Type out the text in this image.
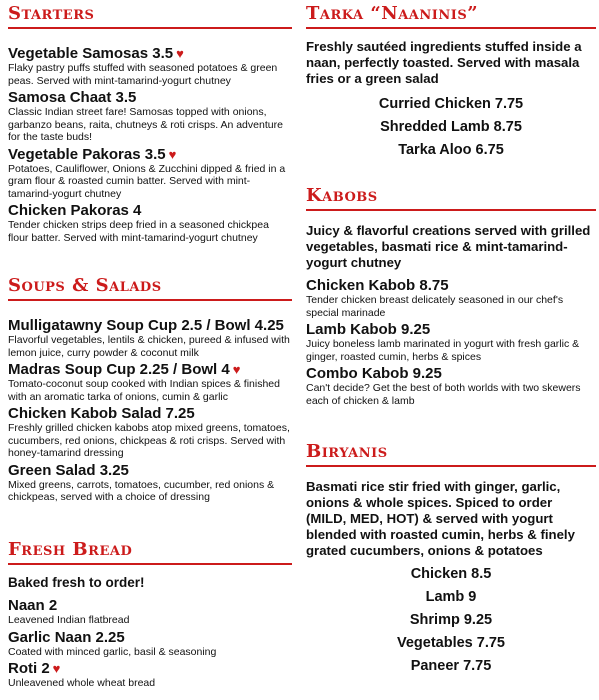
Starters
Vegetable Samosas 3.5 ♥
Flaky pastry puffs stuffed with seasoned potatoes & green peas. Served with mint-tamarind-yogurt chutney
Samosa Chaat 3.5
Classic Indian street fare! Samosas topped with onions, garbanzo beans, raita, chutneys & roti crisps. An adventure for the taste buds!
Vegetable Pakoras 3.5 ♥
Potatoes, Cauliflower, Onions & Zucchini dipped & fried in a gram flour & roasted cumin batter. Served with mint-tamarind-yogurt chutney
Chicken Pakoras 4
Tender chicken strips deep fried in a seasoned chickpea flour batter. Served with mint-tamarind-yogurt chutney
Soups & Salads
Mulligatawny Soup Cup 2.5 / Bowl 4.25
Flavorful vegetables, lentils & chicken, pureed & infused with lemon juice, curry powder & coconut milk
Madras Soup Cup 2.25 / Bowl 4 ♥
Tomato-coconut soup cooked with Indian spices & finished with an aromatic tarka of onions, cumin & garlic
Chicken Kabob Salad 7.25
Freshly grilled chicken kabobs atop mixed greens, tomatoes, cucumbers, red onions, chickpeas & roti crisps. Served with honey-tamarind dressing
Green Salad 3.25
Mixed greens, carrots, tomatoes, cucumber, red onions & chickpeas, served with a choice of dressing
Fresh Bread
Baked fresh to order!
Naan 2
Leavened Indian flatbread
Garlic Naan 2.25
Coated with minced garlic, basil & seasoning
Roti 2 ♥
Unleavened whole wheat bread
Tarka “Naaninis”
Freshly sautéed ingredients stuffed inside a naan, perfectly toasted. Served with masala fries or a green salad
Curried Chicken 7.75
Shredded Lamb 8.75
Tarka Aloo 6.75
Kabobs
Juicy & flavorful creations served with grilled vegetables, basmati rice & mint-tamarind-yogurt chutney
Chicken Kabob 8.75
Tender chicken breast delicately seasoned in our chef's special marinade
Lamb Kabob 9.25
Juicy boneless lamb marinated in yogurt with fresh garlic & ginger, roasted cumin, herbs & spices
Combo Kabob 9.25
Can't decide? Get the best of both worlds with two skewers each of chicken & lamb
Biryanis
Basmati rice stir fried with ginger, garlic, onions & whole spices. Spiced to order (MILD, MED, HOT) & served with yogurt blended with roasted cumin, herbs & finely grated cucumbers, onions & potatoes
Chicken 8.5
Lamb 9
Shrimp 9.25
Vegetables 7.75
Paneer 7.75
